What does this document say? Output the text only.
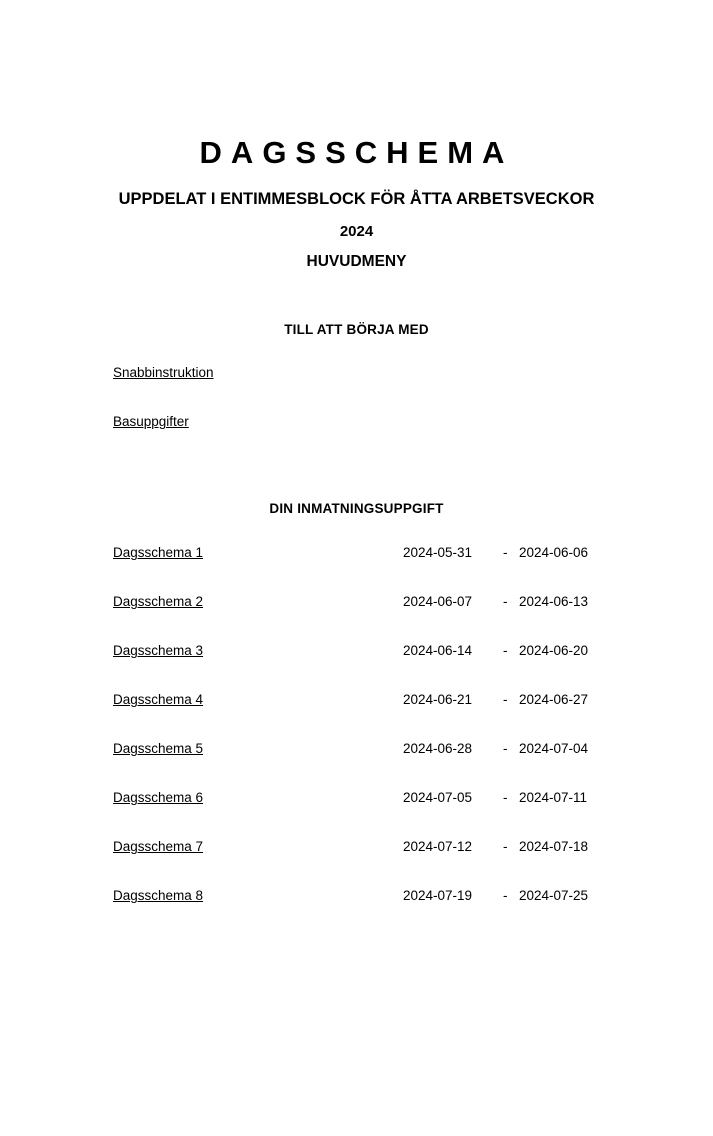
DAGSSCHEMA
UPPDELAT I ENTIMMESBLOCK FÖR ÅTTA ARBETSVECKOR
2024
HUVUDMENY
TILL ATT BÖRJA MED
Snabbinstruktion
Basuppgifter
DIN INMATNINGSUPPGIFT
Dagsschema 1	2024-05-31 - 2024-06-06
Dagsschema 2	2024-06-07 - 2024-06-13
Dagsschema 3	2024-06-14 - 2024-06-20
Dagsschema 4	2024-06-21 - 2024-06-27
Dagsschema 5	2024-06-28 - 2024-07-04
Dagsschema 6	2024-07-05 - 2024-07-11
Dagsschema 7	2024-07-12 - 2024-07-18
Dagsschema 8	2024-07-19 - 2024-07-25
